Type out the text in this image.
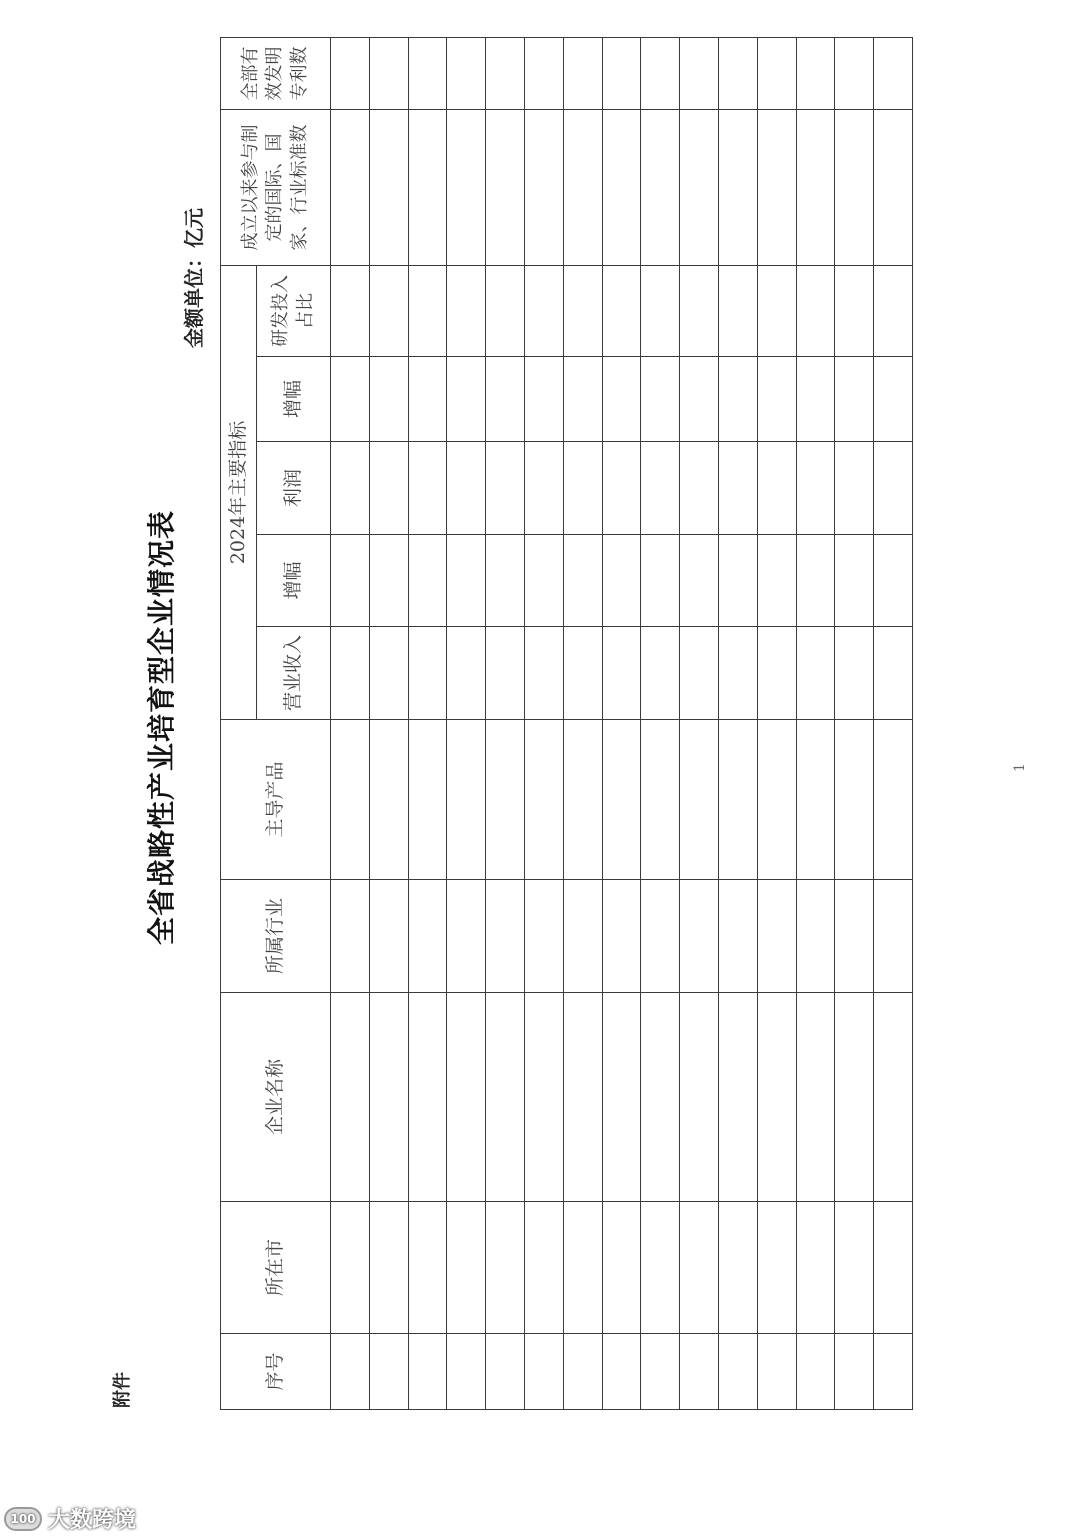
附件
全省战略性产业培育型企业情况表
金额单位：亿元
序号	所在市	企业名称	所属行业	主导产品	2024年主要指标					成立以来参与制定的国际、国家、行业标准数	全部有效发明专利数
					营业收入	增幅	利润	增幅	研发投入占比		

1
100 大数跨境
